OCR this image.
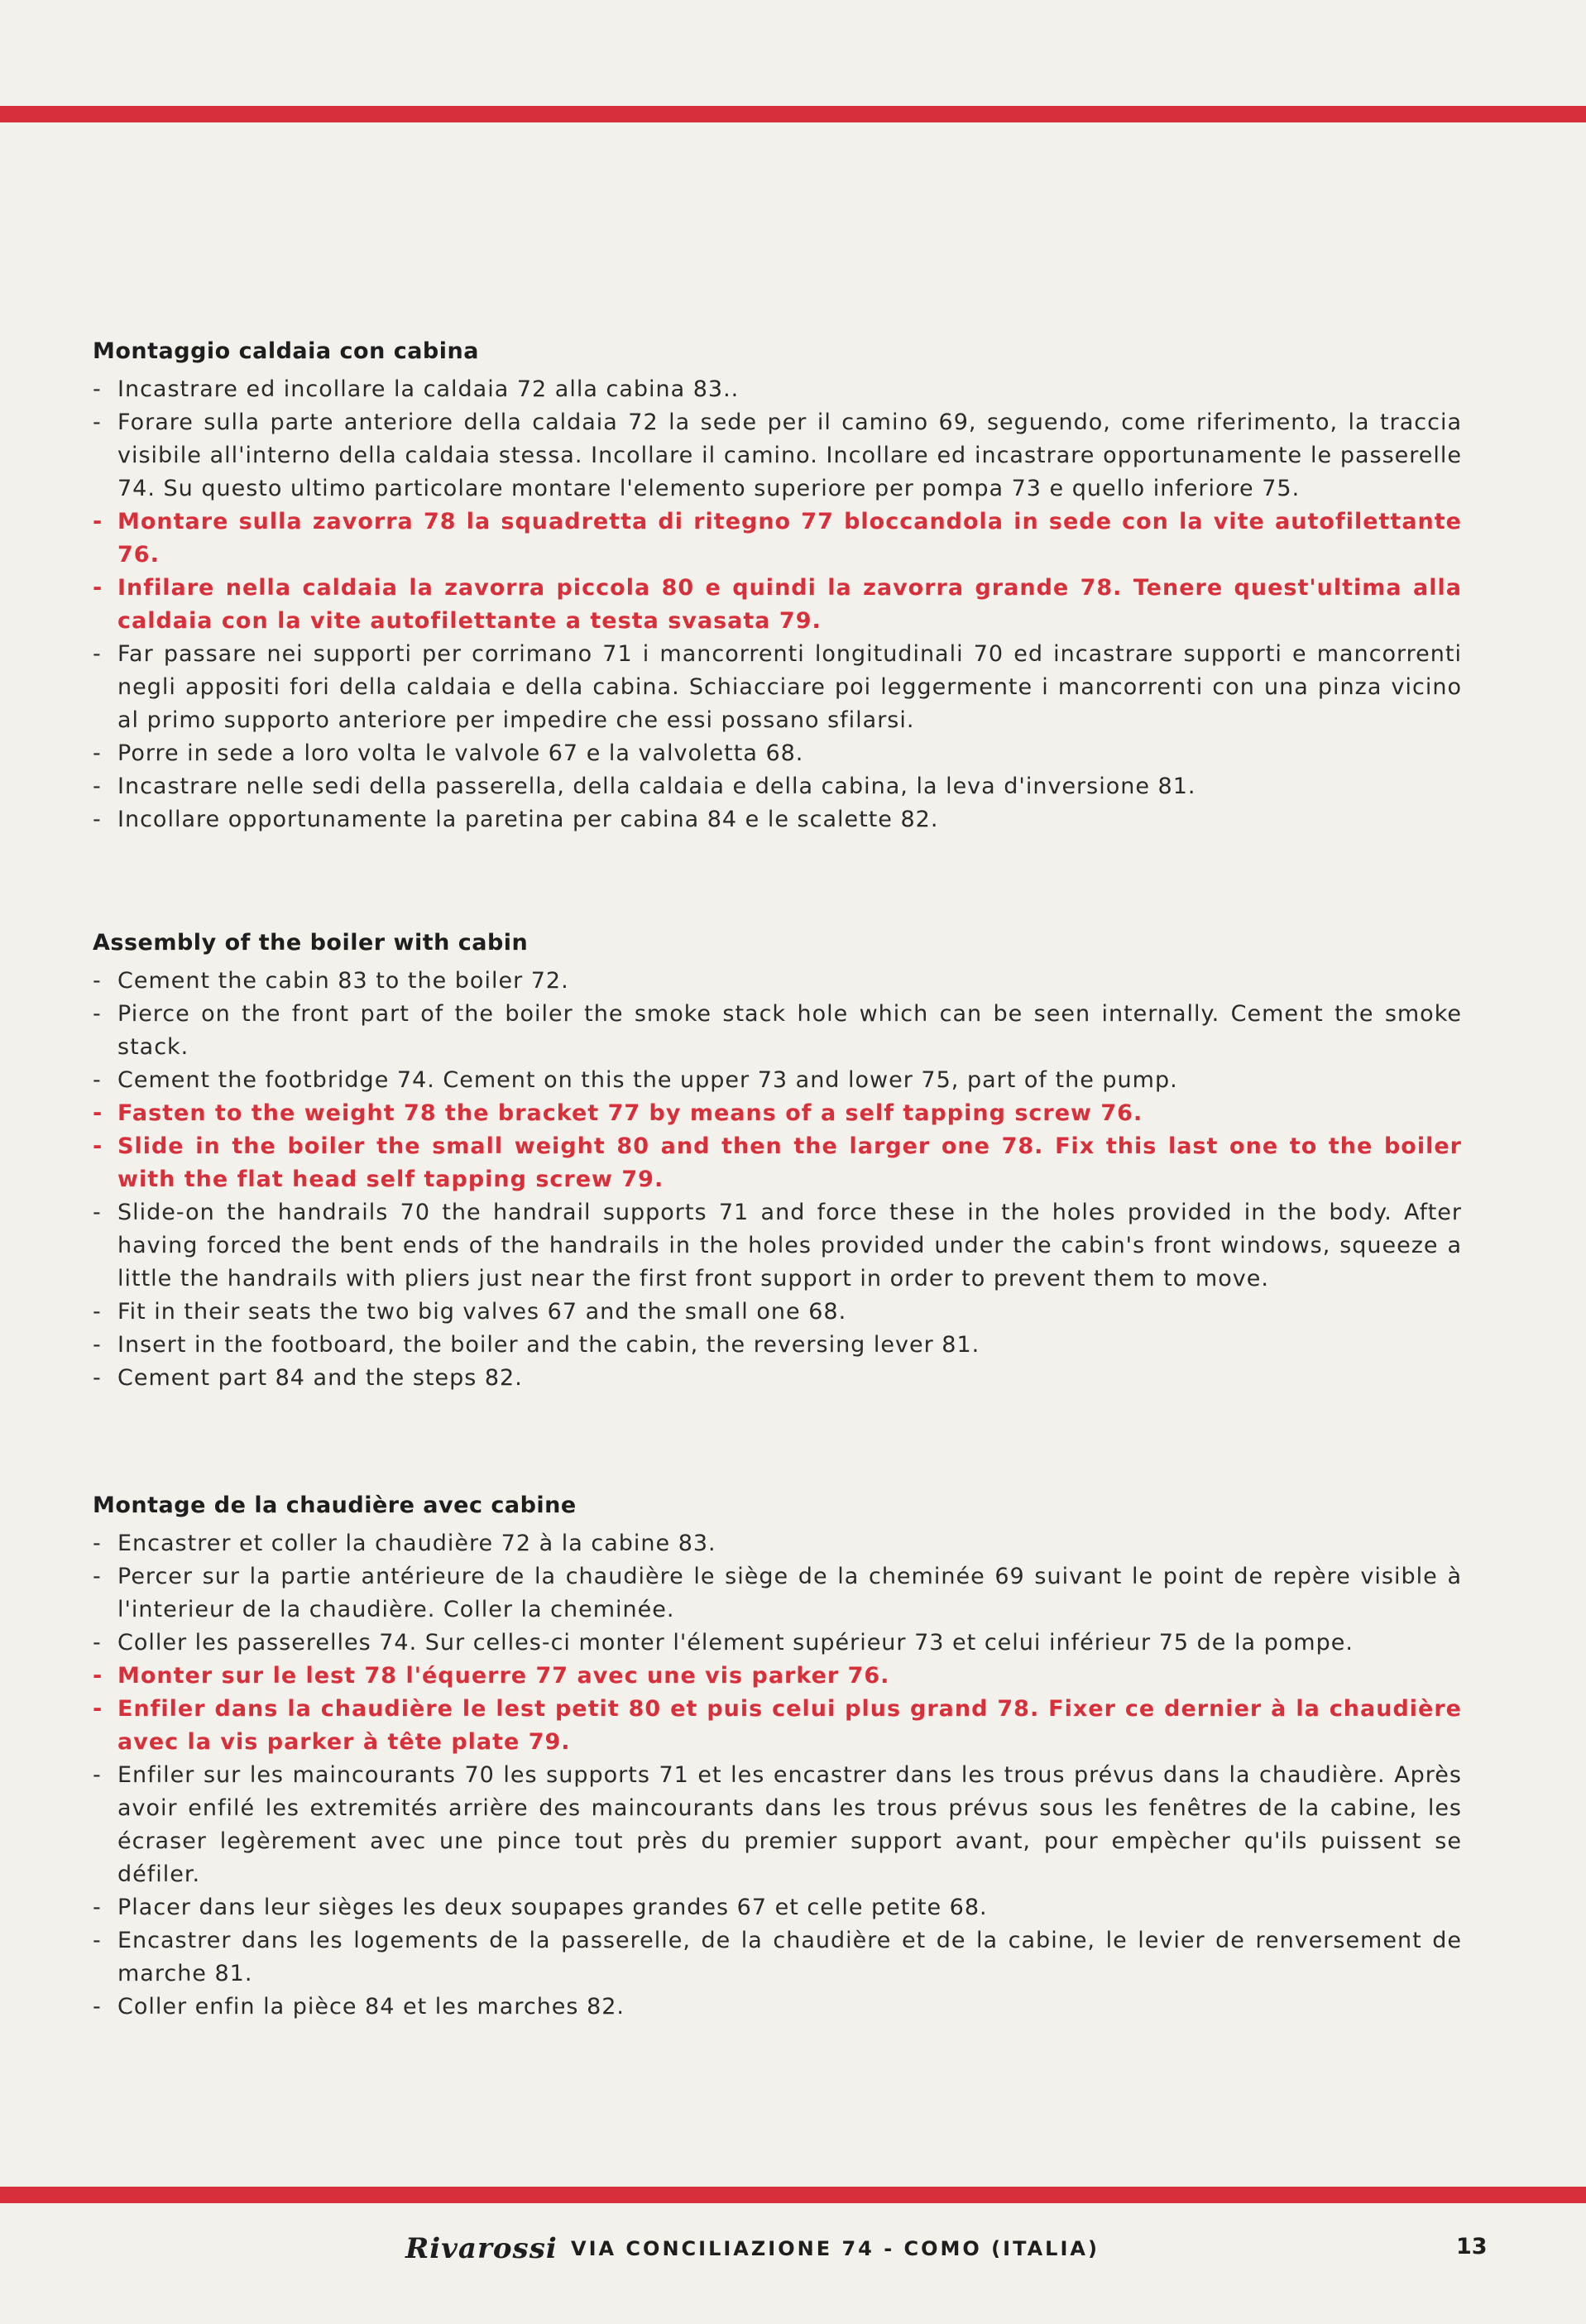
Montaggio caldaia con cabina
- Incastrare ed incollare la caldaia 72 alla cabina 83..
- Forare sulla parte anteriore della caldaia 72 la sede per il camino 69, seguendo, come riferimento, la traccia visibile all'interno della caldaia stessa. Incollare il camino. Incollare ed incastrare opportunamente le passerelle 74. Su questo ultimo particolare montare l'elemento superiore per pompa 73 e quello inferiore 75.
- Montare sulla zavorra 78 la squadretta di ritegno 77 bloccandola in sede con la vite autofilettante 76.
- Infilare nella caldaia la zavorra piccola 80 e quindi la zavorra grande 78. Tenere quest'ultima alla caldaia con la vite autofilettante a testa svasata 79.
- Far passare nei supporti per corrimano 71 i mancorrenti longitudinali 70 ed incastrare supporti e mancorrenti negli appositi fori della caldaia e della cabina. Schiacciare poi leggermente i mancorrenti con una pinza vicino al primo supporto anteriore per impedire che essi possano sfilarsi.
- Porre in sede a loro volta le valvole 67 e la valvoletta 68.
- Incastrare nelle sedi della passerella, della caldaia e della cabina, la leva d'inversione 81.
- Incollare opportunamente la paretina per cabina 84 e le scalette 82.
Assembly of the boiler with cabin
- Cement the cabin 83 to the boiler 72.
- Pierce on the front part of the boiler the smoke stack hole which can be seen internally. Cement the smoke stack.
- Cement the footbridge 74. Cement on this the upper 73 and lower 75, part of the pump.
- Fasten to the weight 78 the bracket 77 by means of a self tapping screw 76.
- Slide in the boiler the small weight 80 and then the larger one 78. Fix this last one to the boiler with the flat head self tapping screw 79.
- Slide-on the handrails 70 the handrail supports 71 and force these in the holes provided in the body. After having forced the bent ends of the handrails in the holes provided under the cabin's front windows, squeeze a little the handrails with pliers just near the first front support in order to prevent them to move.
- Fit in their seats the two big valves 67 and the small one 68.
- Insert in the footboard, the boiler and the cabin, the reversing lever 81.
- Cement part 84 and the steps 82.
Montage de la chaudière avec cabine
- Encastrer et coller la chaudière 72 à la cabine 83.
- Percer sur la partie antérieure de la chaudière le siège de la cheminée 69 suivant le point de repère visible à l'interieur de la chaudière. Coller la cheminée.
- Coller les passerelles 74. Sur celles-ci monter l'élement supérieur 73 et celui inférieur 75 de la pompe.
- Monter sur le lest 78 l'équerre 77 avec une vis parker 76.
- Enfiler dans la chaudière le lest petit 80 et puis celui plus grand 78. Fixer ce dernier à la chaudière avec la vis parker à tête plate 79.
- Enfiler sur les maincourants 70 les supports 71 et les encastrer dans les trous prévus dans la chaudière. Après avoir enfilé les extremités arrière des maincourants dans les trous prévus sous les fenêtres de la cabine, les écraser legèrement avec une pince tout près du premier support avant, pour empècher qu'ils puissent se défiler.
- Placer dans leur sièges les deux soupapes grandes 67 et celle petite 68.
- Encastrer dans les logements de la passerelle, de la chaudière et de la cabine, le levier de renversement de marche 81.
- Coller enfin la pièce 84 et les marches 82.
Rivarossi VIA CONCILIAZIONE 74 - COMO (ITALIA)	13
